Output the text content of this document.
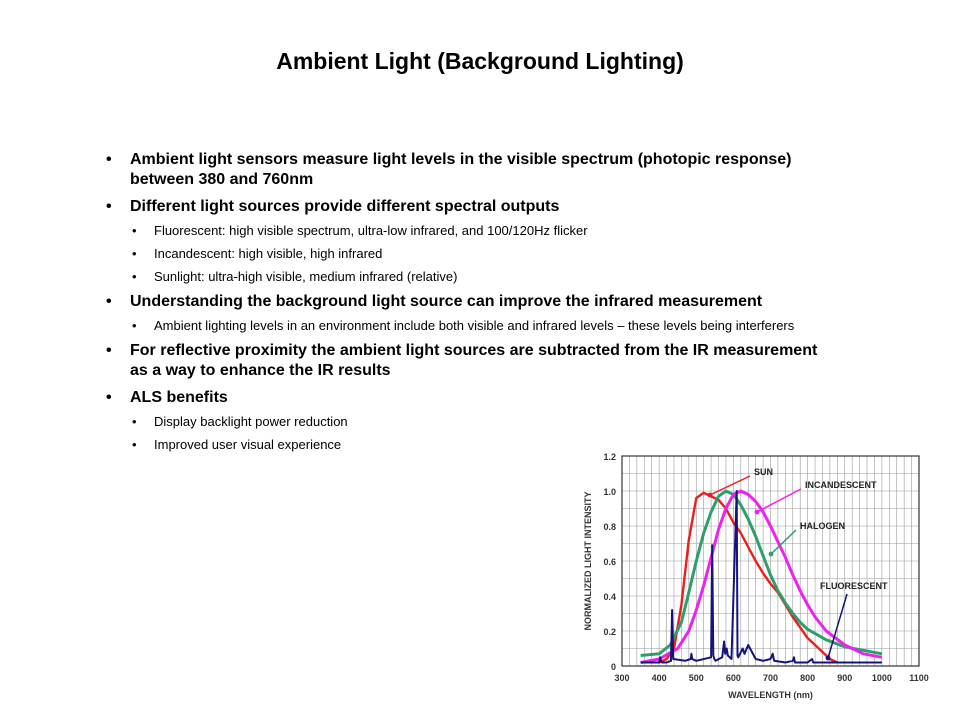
Ambient Light (Background Lighting)
• Ambient light sensors measure light levels in the visible spectrum (photopic response) between 380 and 760nm
• Different light sources provide different spectral outputs
• Fluorescent: high visible spectrum, ultra-low infrared, and 100/120Hz flicker
• Incandescent: high visible, high infrared
• Sunlight: ultra-high visible, medium infrared (relative)
• Understanding the background light source can improve the infrared measurement
• Ambient lighting levels in an environment include both visible and infrared levels – these levels being interferers
• For reflective proximity the ambient light sources are subtracted from the IR measurement as a way to enhance the IR results
• ALS benefits
• Display backlight power reduction
• Improved user visual experience
0
0.2
0.4
0.6
0.8
1.0
1.2
300 400 500 600 700 800 900 1000 1100
WAVELENGTH (nm)
NORMALIZED LIGHT INTENSITY
SUN
INCANDESCENT
HALOGEN
FLUORESCENT
